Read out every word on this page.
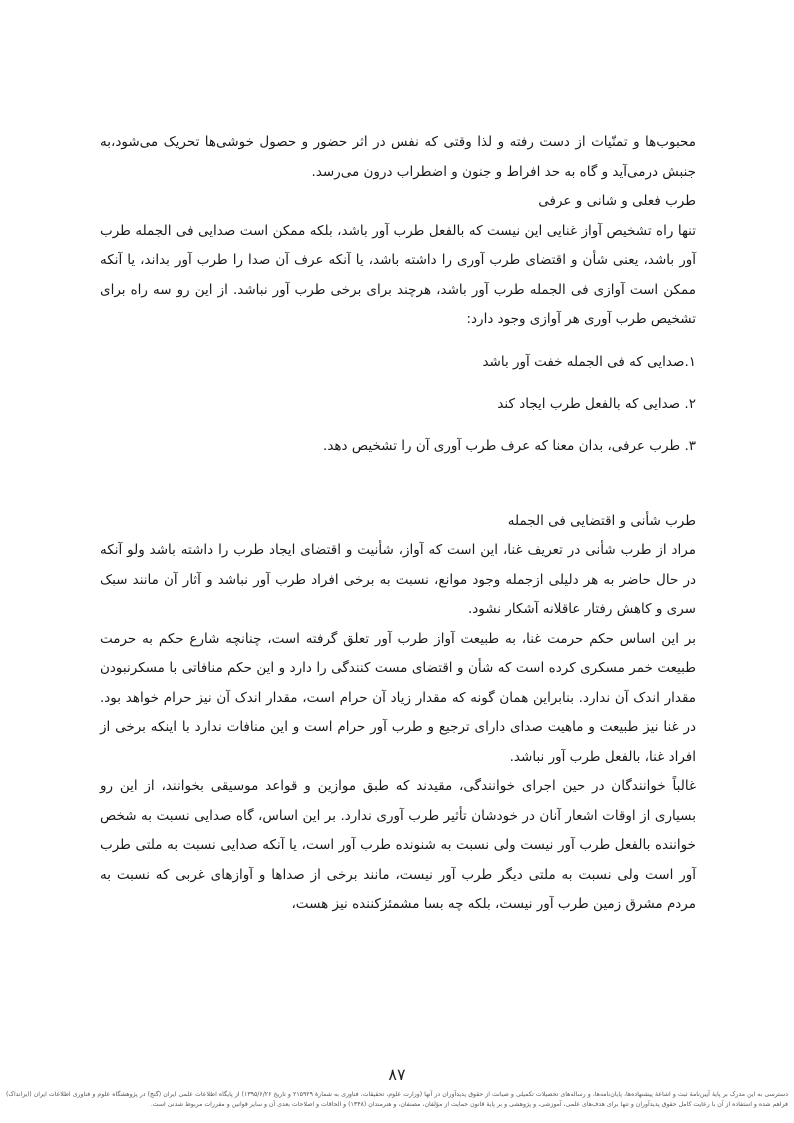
محبوب‌ها و تمنّیات از دست رفته و لذا وقتی که نفس در اثر حضور و حصول خوشی‌ها تحریک می‌شود،به جنبش درمی‌آید و گاه به حد افراط و جنون و اضطراب درون می‌رسد.

طرب فعلی و شانی و عرفی

تنها راه تشخیص آواز غنایی این نیست که بالفعل طرب آور باشد، بلکه ممکن است صدایی فی الجمله طرب آور باشد، یعنی شأن و اقتضای طرب آوری را داشته باشد، یا آنکه عرف آن صدا را طرب آور بداند، یا آنکه ممکن است آوازی فی الجمله طرب آور باشد، هرچند برای برخی طرب آور نباشد. از این رو سه راه برای تشخیص طرب آوری هر آوازی وجود دارد:

۱.صدایی که فی الجمله خفت آور باشد

۲. صدایی که بالفعل طرب ایجاد کند

۳. طرب عرفی، بدان معنا که عرف طرب آوری آن را تشخیص دهد.

طرب شأنی و اقتضایی فی الجمله

مراد از طرب شأنی در تعریف غنا، این است که آواز، شأنیت و اقتضای ایجاد طرب را داشته باشد ولو آنکه در حال حاضر به هر دلیلی ازجمله وجود موانع، نسبت به برخی افراد طرب آور نباشد و آثار آن مانند سبک سری و کاهش رفتار عاقلانه آشکار نشود.

بر این اساس حکم حرمت غنا، به طبیعت آواز طرب آور تعلق گرفته است، چنانچه شارع حکم به حرمت طبیعت خمر مسکری کرده است که شأن و اقتضای مست کنندگی را دارد و این حکم منافاتی با مسکرنبودن مقدار اندک آن ندارد. بنابراین همان گونه که مقدار زیاد آن حرام است، مقدار اندک آن نیز حرام خواهد بود. در غنا نیز طبیعت و ماهیت صدای دارای ترجیع و طرب آور حرام است و این منافات ندارد با اینکه برخی از افراد غنا، بالفعل طرب آور نباشد.

غالباً خوانندگان در حین اجرای خوانندگی، مقیدند که طبق موازین و قواعد موسیقی بخوانند، از این رو بسیاری از اوقات اشعار آنان در خودشان تأثیر طرب آوری ندارد. بر این اساس، گاه صدایی نسبت به شخص خواننده بالفعل طرب آور نیست ولی نسبت به شنونده طرب آور است، یا آنکه صدایی نسبت به ملتی طرب آور است ولی نسبت به ملتی دیگر طرب آور نیست، مانند برخی از صداها و آوازهای غربی که نسبت به مردم مشرق زمین طرب آور نیست، بلکه چه بسا مشمئزکننده نیز هست،

۸۷
دسترسی به این مدرک بر پایهٔ آیین‌نامهٔ ثبت و اشاعهٔ پیشنهاده‌ها، پایان‌نامه‌ها، و رساله‌های تحصیلات تکمیلی و صیانت از حقوق پدیدآوران در آنها (وزارت علوم، تحقیقات، فناوری به شمارهٔ ۲۱۵۹۲۹ و تاریخ ۱۳۹۵/۶/۲۶) از پایگاه اطلاعات علمی ایران (گنج) در پژوهشگاه علوم و فناوری اطلاعات ایران (ایرانداک) فراهم شده و استفاده از آن با رعایت کامل حقوق پدیدآوران و تنها برای هدف‌های علمی، آموزشی، و پژوهشی و بر پایهٔ قانون حمایت از مؤلفان، مصنفان، و هنرمندان (۱۳۴۸) و الحاقات و اصلاحات بعدی آن و سایر قوانین و مقررات مربوط شدنی است.
